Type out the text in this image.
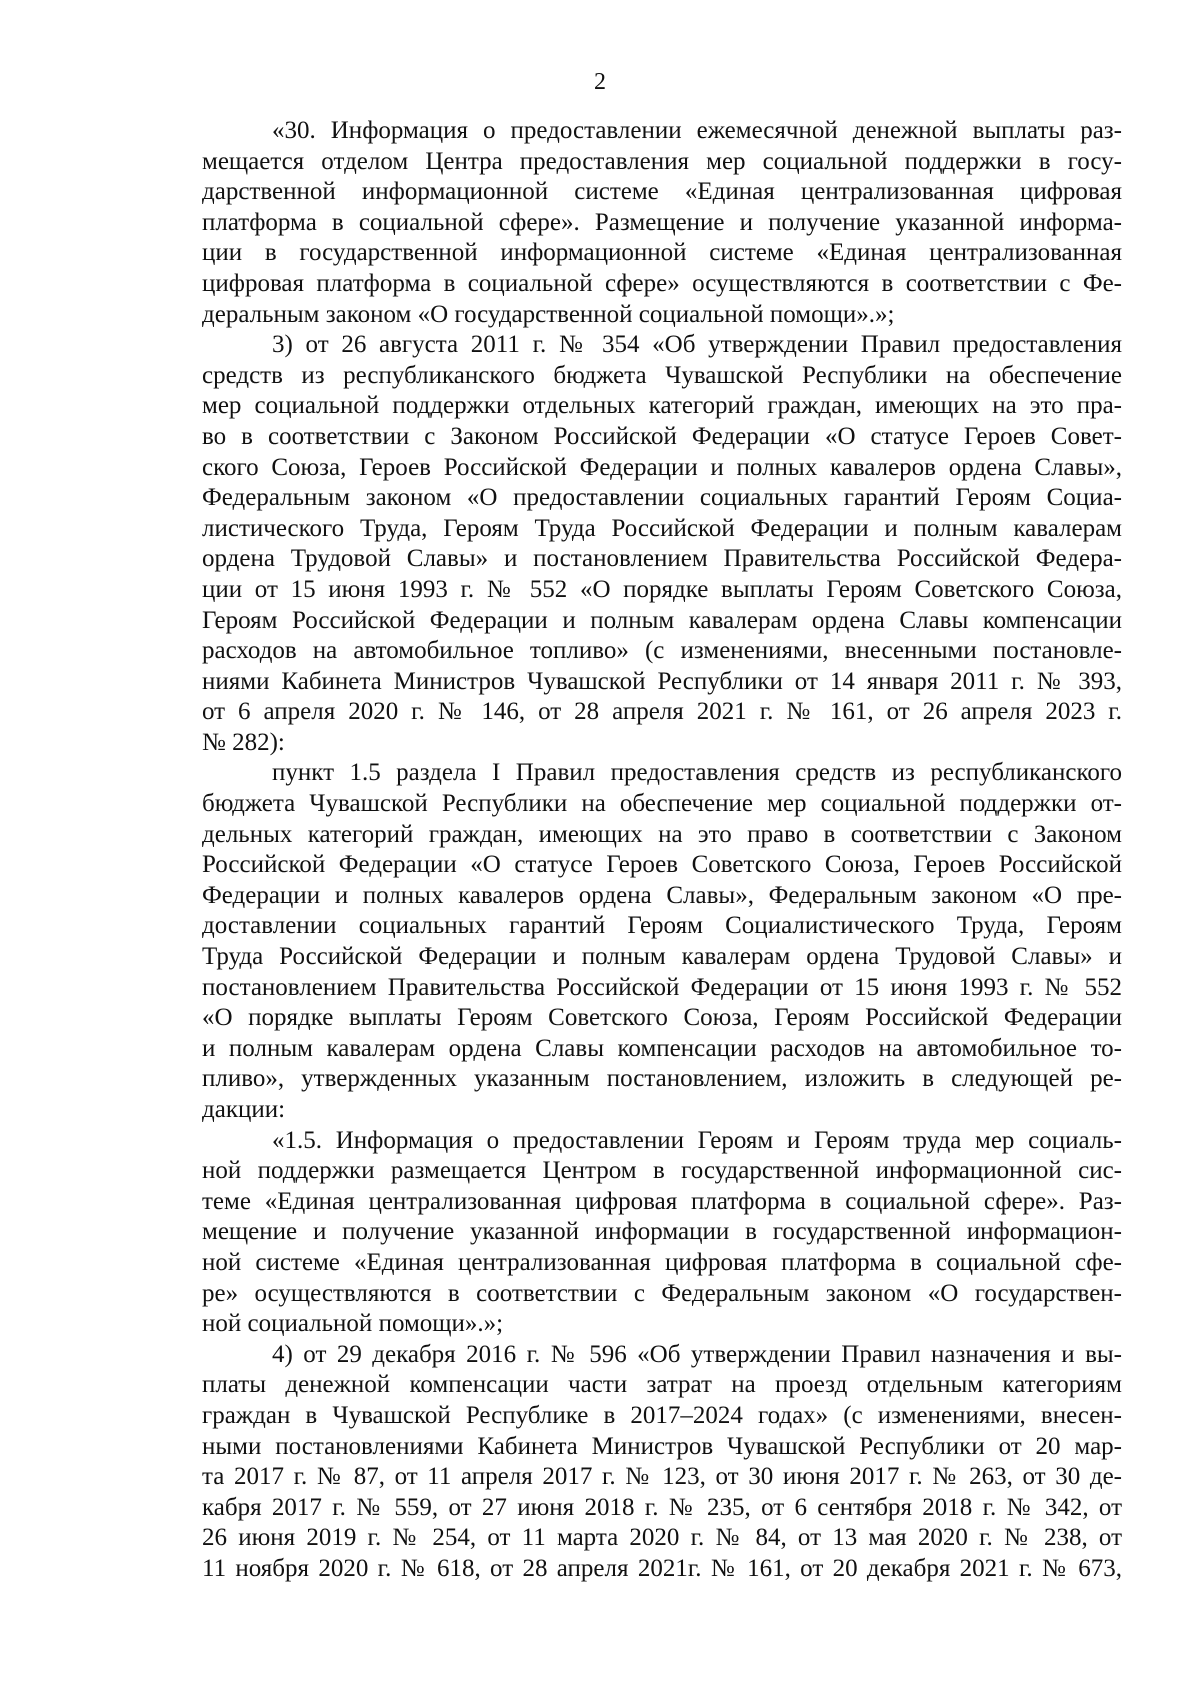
2
«30. Информация о предоставлении ежемесячной денежной выплаты раз-
мещается отделом Центра предоставления мер социальной поддержки в госу-
дарственной информационной системе «Единая централизованная цифровая
платформа в социальной сфере». Размещение и получение указанной информа-
ции в государственной информационной системе «Единая централизованная
цифровая платформа в социальной сфере» осуществляются в соответствии с Фе-
деральным законом «О государственной социальной помощи».»;
3) от 26 августа 2011 г. № 354 «Об утверждении Правил предоставления
средств из республиканского бюджета Чувашской Республики на обеспечение
мер социальной поддержки отдельных категорий граждан, имеющих на это пра-
во в соответствии с Законом Российской Федерации «О статусе Героев Совет-
ского Союза, Героев Российской Федерации и полных кавалеров ордена Славы»,
Федеральным законом «О предоставлении социальных гарантий Героям Социа-
листического Труда, Героям Труда Российской Федерации и полным кавалерам
ордена Трудовой Славы» и постановлением Правительства Российской Федера-
ции от 15 июня 1993 г. № 552 «О порядке выплаты Героям Советского Союза,
Героям Российской Федерации и полным кавалерам ордена Славы компенсации
расходов на автомобильное топливо» (с изменениями, внесенными постановле-
ниями Кабинета Министров Чувашской Республики от 14 января 2011 г. № 393,
от 6 апреля 2020 г. № 146, от 28 апреля 2021 г. № 161, от 26 апреля 2023 г.
№ 282):
пункт 1.5 раздела I Правил предоставления средств из республиканского
бюджета Чувашской Республики на обеспечение мер социальной поддержки от-
дельных категорий граждан, имеющих на это право в соответствии с Законом
Российской Федерации «О статусе Героев Советского Союза, Героев Российской
Федерации и полных кавалеров ордена Славы», Федеральным законом «О пре-
доставлении социальных гарантий Героям Социалистического Труда, Героям
Труда Российской Федерации и полным кавалерам ордена Трудовой Славы» и
постановлением Правительства Российской Федерации от 15 июня 1993 г. № 552
«О порядке выплаты Героям Советского Союза, Героям Российской Федерации
и полным кавалерам ордена Славы компенсации расходов на автомобильное то-
пливо», утвержденных указанным постановлением, изложить в следующей ре-
дакции:
«1.5. Информация о предоставлении Героям и Героям труда мер социаль-
ной поддержки размещается Центром в государственной информационной сис-
теме «Единая централизованная цифровая платформа в социальной сфере». Раз-
мещение и получение указанной информации в государственной информацион-
ной системе «Единая централизованная цифровая платформа в социальной сфе-
ре» осуществляются в соответствии с Федеральным законом «О государствен-
ной социальной помощи».»;
4) от 29 декабря 2016 г. № 596 «Об утверждении Правил назначения и вы-
платы денежной компенсации части затрат на проезд отдельным категориям
граждан в Чувашской Республике в 2017–2024 годах» (с изменениями, внесен-
ными постановлениями Кабинета Министров Чувашской Республики от 20 мар-
та 2017 г. № 87, от 11 апреля 2017 г. № 123, от 30 июня 2017 г. № 263, от 30 де-
кабря 2017 г. № 559, от 27 июня 2018 г. № 235, от 6 сентября 2018 г. № 342, от
26 июня 2019 г. № 254, от 11 марта 2020 г. № 84, от 13 мая 2020 г. № 238, от
11 ноября 2020 г. № 618, от 28 апреля 2021г. № 161, от 20 декабря 2021 г. № 673,
